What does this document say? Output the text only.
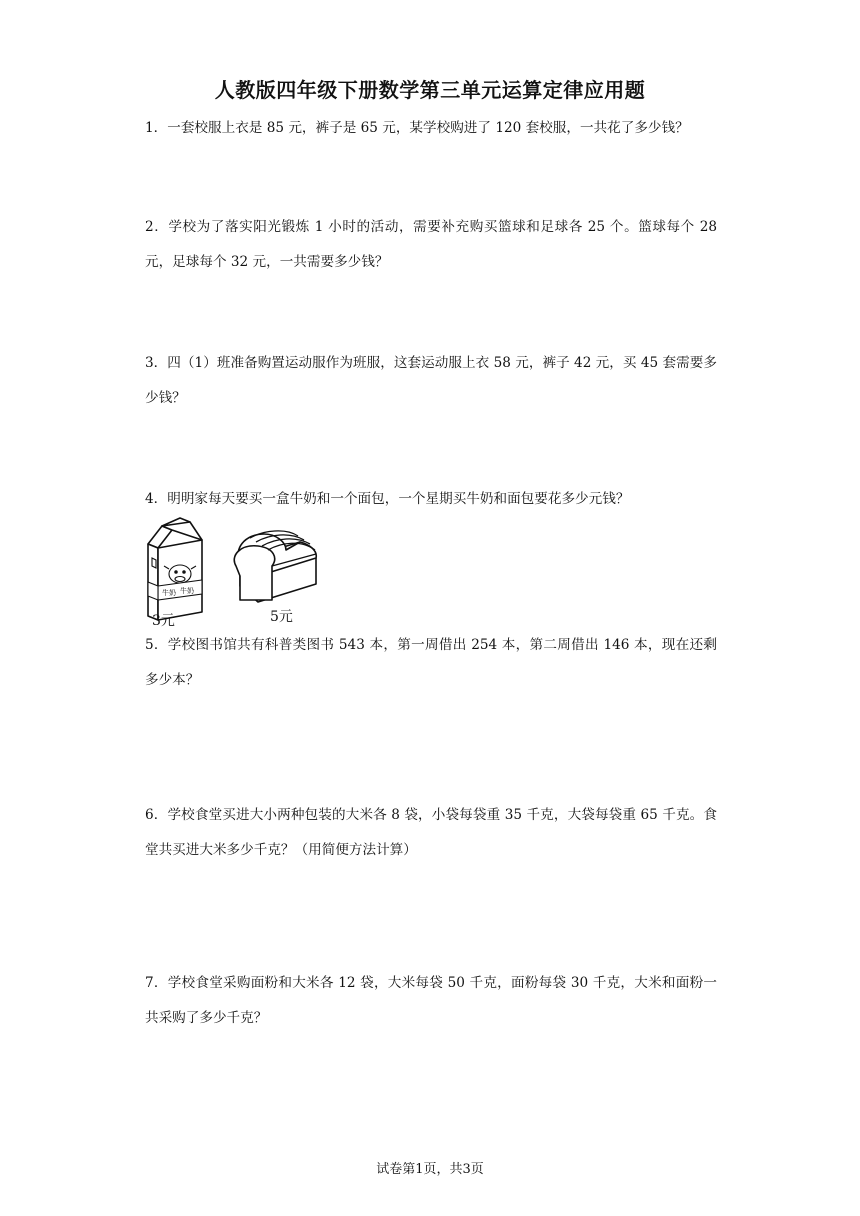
人教版四年级下册数学第三单元运算定律应用题
1．一套校服上衣是 85 元，裤子是 65 元，某学校购进了 120 套校服，一共花了多少钱？
2．学校为了落实阳光锻炼 1 小时的活动，需要补充购买篮球和足球各 25 个。篮球每个 28 元，足球每个 32 元，一共需要多少钱？
3．四（1）班准备购置运动服作为班服，这套运动服上衣 58 元，裤子 42 元，买 45 套需要多少钱？
4．明明家每天要买一盒牛奶和一个面包，一个星期买牛奶和面包要花多少元钱？
牛奶 牛奶
3元	5元
5．学校图书馆共有科普类图书 543 本，第一周借出 254 本，第二周借出 146 本，现在还剩多少本？
6．学校食堂买进大小两种包装的大米各 8 袋，小袋每袋重 35 千克，大袋每袋重 65 千克。食堂共买进大米多少千克？（用简便方法计算）
7．学校食堂采购面粉和大米各 12 袋，大米每袋 50 千克，面粉每袋 30 千克，大米和面粉一共采购了多少千克？
试卷第1页，共3页
